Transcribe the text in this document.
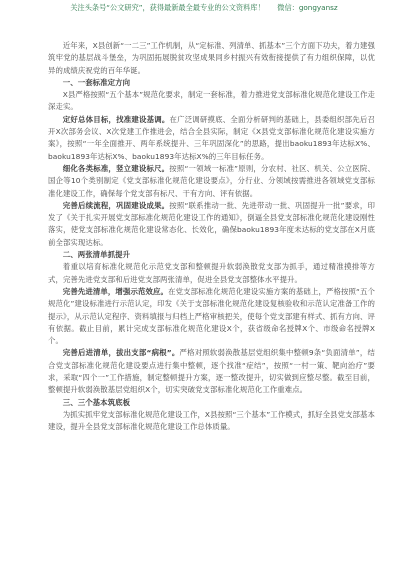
关注头条号“公文研究”，获得最新最全最专业的公文资料库！ 微信：gongyansz

近年来，X县创新“一二三”工作机制，从“定标准、列清单、抓基本”三个方面下功夫，着力建强筑牢党的基层战斗堡垒，为巩固拓展脱贫攻坚成果同乡村振兴有效衔接提供了有力组织保障，以优异的成绩庆祝党的百年华诞。

一、一套标准定方向

X县严格按照“五个基本”规范化要求，制定一套标准，着力推进党支部标准化规范化建设工作走深走实。

定好总体目标，找准建设基调。在广泛调研摸底、全面分析研判的基础上，县委组织部先后召开X次部务会议、X次党建工作推进会，结合全县实际，制定《X县党支部标准化规范化建设实施方案》，按照“一年全面推开、两年系统提升、三年巩固深化”的思路，提出baoku1893年达标X%、baoku1893年达标X%、baoku1893年达标X%的三年目标任务。

细化各类标准，竖立建设标尺。按照“一领域一标准”原则，分农村、社区、机关、公立医院、国企等10个类别制定《党支部标准化规范化建设要点》，分行业、分领域按需推进各领域党支部标准化建设工作，确保每个党支部有标尺、干有方向、评有依据。

完善后续流程，巩固建设成果。按照“联系推动一批、先进带动一批、巩固提升一批”要求，印发了《关于扎实开展党支部标准化规范化建设工作的通知》，倒逼全县党支部标准化规范化建设刚性落实，使党支部标准化规范化建设常态化、长效化，确保baoku1893年度未达标的党支部在X月底前全部实现达标。

二、两张清单抓提升

着重以培育标准化规范化示范党支部和整顿提升软弱涣散党支部为抓手，通过精准摸排等方式，完善先进党支部和后进党支部两张清单，促进全县党支部整体水平提升。

完善先进清单，增强示范效应。在党支部标准化规范化建设实施方案的基础上，严格按照“五个规范化”建设标准进行示范认定，印发《关于支部标准化规范化建设复核验收和示范认定准备工作的提示》，从示范认定程序、资料填报与归档上严格审核把关，使每个党支部建有样式、抓有方向、评有依据。截止目前，累计完成支部标准化规范化建设X个，获省级命名授牌X个、市级命名授牌X个。

完善后进清单，拔出支部“病根”。严格对照软弱涣散基层党组织集中整顿9条“负面清单”，结合党支部标准化规范化建设要点进行集中整顿，逐个找准“症结”，按照“一村一策、靶向治疗”要求，采取“四个一”工作措施，制定整顿提升方案，逐一整改提升，切实做到应整尽整。截至目前，整顿提升软弱涣散基层党组织X个，切实突破党支部标准化规范化工作重难点。

三、三个基本筑底板

为抓实抓牢党支部标准化规范化建设工作，X县按照“三个基本”工作模式，抓好全县党支部基本建设，提升全县党支部标准化规范化建设工作总体质量。
